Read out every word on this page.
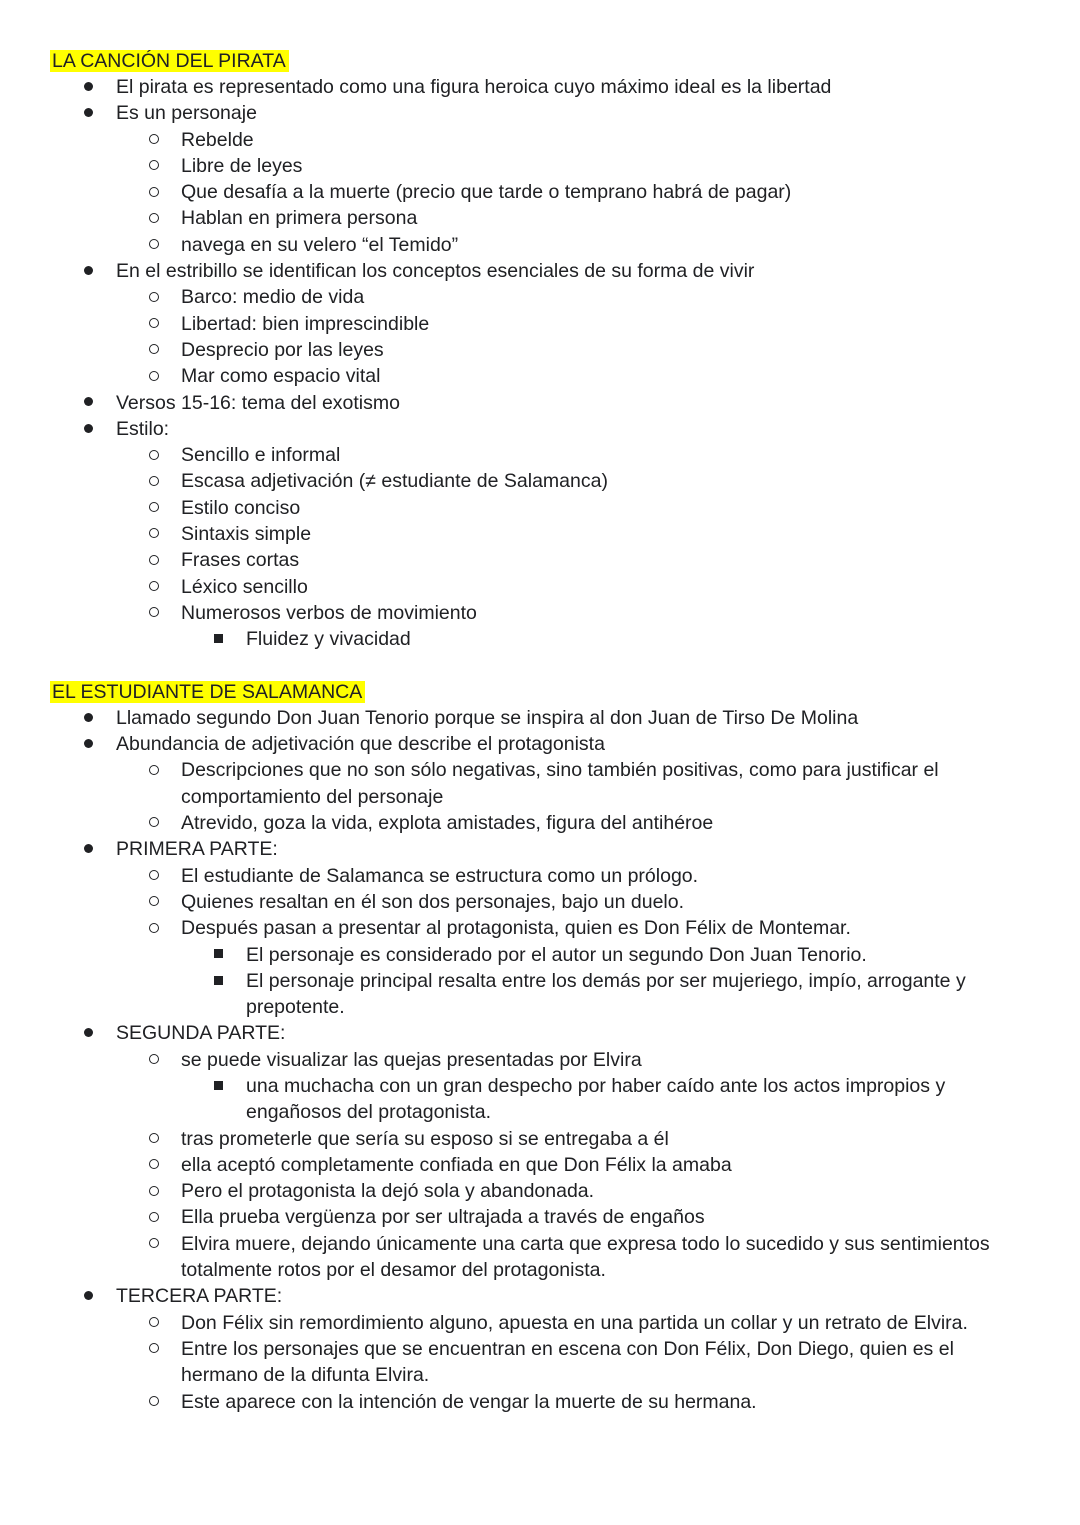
LA CANCIÓN DEL PIRATA
El pirata es representado como una figura heroica cuyo máximo ideal es la libertad
Es un personaje
Rebelde
Libre de leyes
Que desafía a la muerte (precio que tarde o temprano habrá de pagar)
Hablan en primera persona
navega en su velero “el Temido”
En el estribillo se identifican los conceptos esenciales de su forma de vivir
Barco: medio de vida
Libertad: bien imprescindible
Desprecio por las leyes
Mar como espacio vital
Versos 15-16: tema del exotismo
Estilo:
Sencillo e informal
Escasa adjetivación (≠ estudiante de Salamanca)
Estilo conciso
Sintaxis simple
Frases cortas
Léxico sencillo
Numerosos verbos de movimiento
Fluidez y vivacidad
EL ESTUDIANTE DE SALAMANCA
Llamado segundo Don Juan Tenorio porque se inspira al don Juan de Tirso De Molina
Abundancia de adjetivación que describe el protagonista
Descripciones que no son sólo negativas, sino también positivas, como para justificar el comportamiento del personaje
Atrevido, goza la vida, explota amistades, figura del antihéroe
PRIMERA PARTE:
El estudiante de Salamanca se estructura como un prólogo.
Quienes resaltan en él son dos personajes, bajo un duelo.
Después pasan a presentar al protagonista, quien es Don Félix de Montemar.
El personaje es considerado por el autor un segundo Don Juan Tenorio.
El personaje principal resalta entre los demás por ser mujeriego, impío, arrogante y prepotente.
SEGUNDA PARTE:
se puede visualizar las quejas presentadas por Elvira
una muchacha con un gran despecho por haber caído ante los actos impropios y engañosos del protagonista.
tras prometerle que sería su esposo si se entregaba a él
ella aceptó completamente confiada en que Don Félix la amaba
Pero el protagonista la dejó sola y abandonada.
Ella prueba vergüenza por ser ultrajada a través de engaños
Elvira muere, dejando únicamente una carta que expresa todo lo sucedido y sus sentimientos totalmente rotos por el desamor del protagonista.
TERCERA PARTE:
Don Félix sin remordimiento alguno, apuesta en una partida un collar y un retrato de Elvira.
Entre los personajes que se encuentran en escena con Don Félix, Don Diego, quien es el hermano de la difunta Elvira.
Este aparece con la intención de vengar la muerte de su hermana.
